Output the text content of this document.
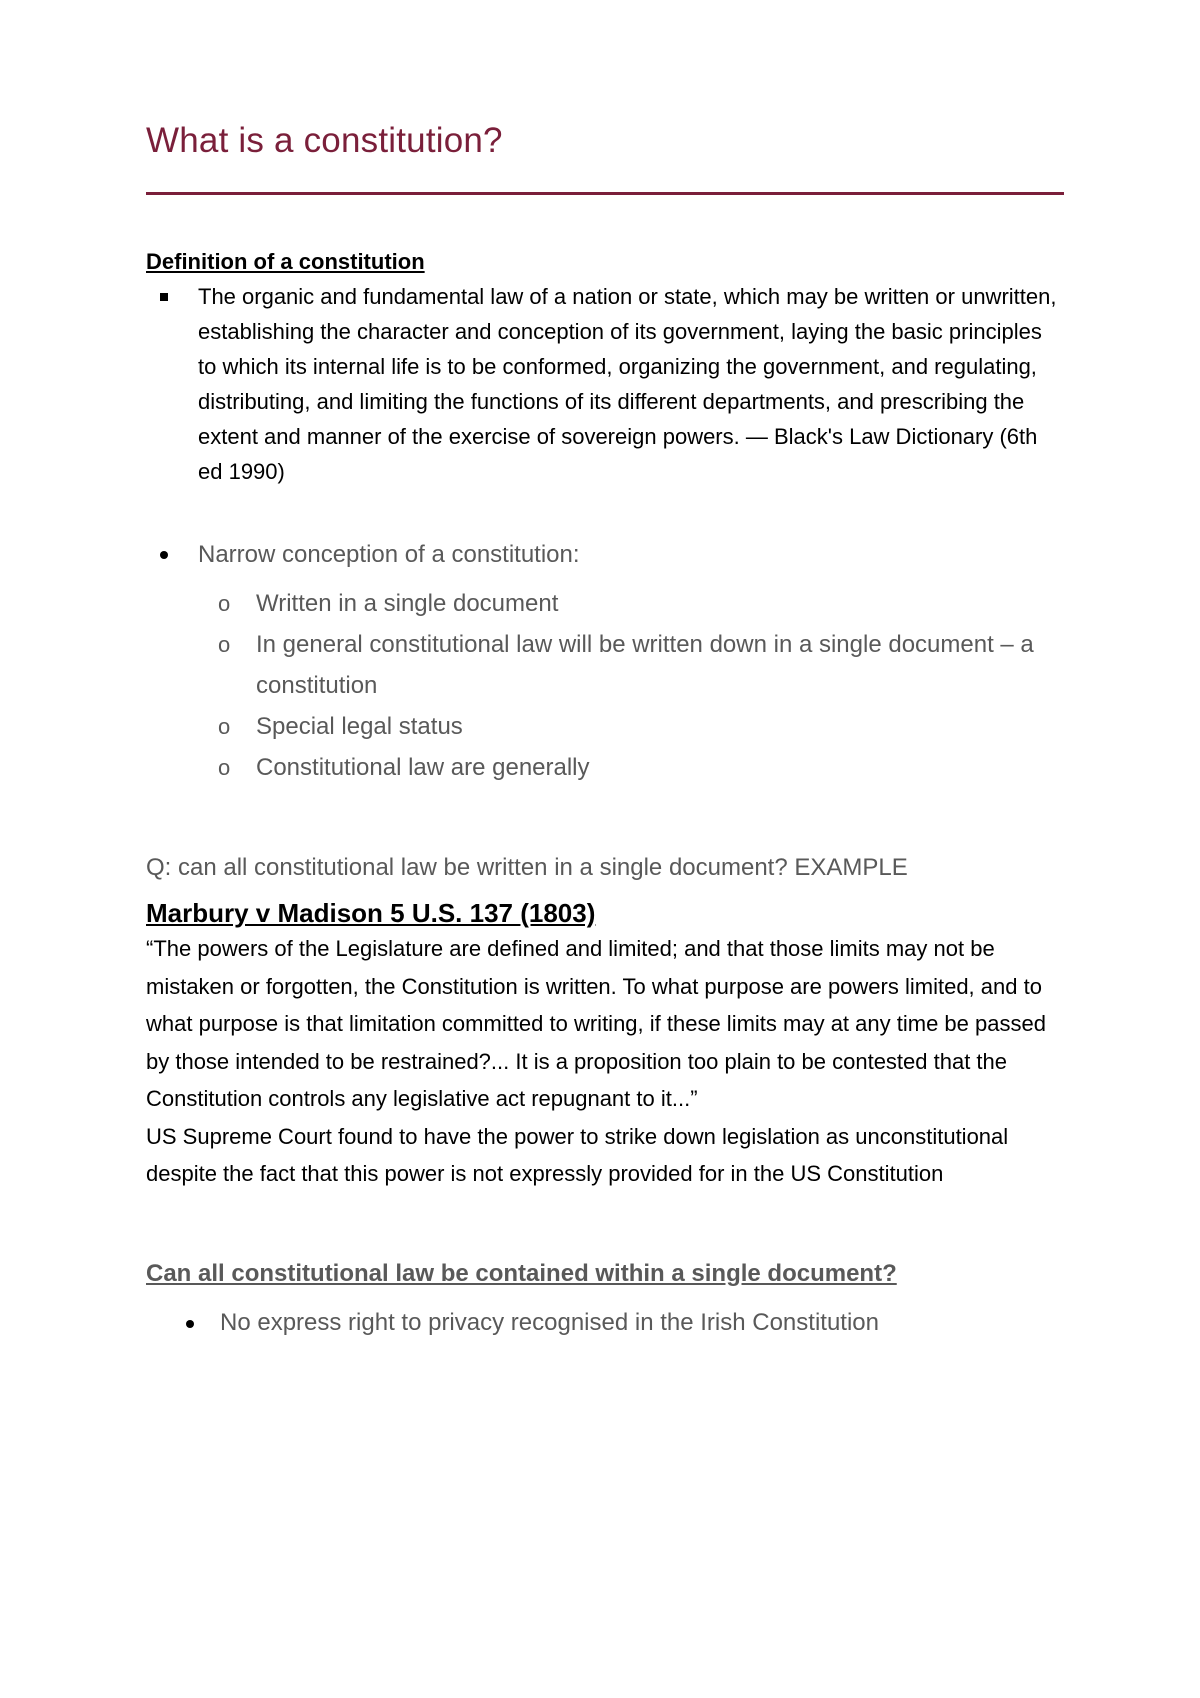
What is a constitution?
Definition of a constitution
The organic and fundamental law of a nation or state, which may be written or unwritten, establishing the character and conception of its government, laying the basic principles to which its internal life is to be conformed, organizing the government, and regulating, distributing, and limiting the functions of its different departments, and prescribing the extent and manner of the exercise of sovereign powers. — Black's Law Dictionary (6th ed 1990)
Narrow conception of a constitution:
o Written in a single document
o In general constitutional law will be written down in a single document – a constitution
o Special legal status
o Constitutional law are generally

Q: can all constitutional law be written in a single document? EXAMPLE

Marbury v Madison 5 U.S. 137 (1803)

“The powers of the Legislature are defined and limited; and that those limits may not be mistaken or forgotten, the Constitution is written. To what purpose are powers limited, and to what purpose is that limitation committed to writing, if these limits may at any time be passed by those intended to be restrained?... It is a proposition too plain to be contested that the Constitution controls any legislative act repugnant to it...”

US Supreme Court found to have the power to strike down legislation as unconstitutional despite the fact that this power is not expressly provided for in the US Constitution

Can all constitutional law be contained within a single document?
No express right to privacy recognised in the Irish Constitution
